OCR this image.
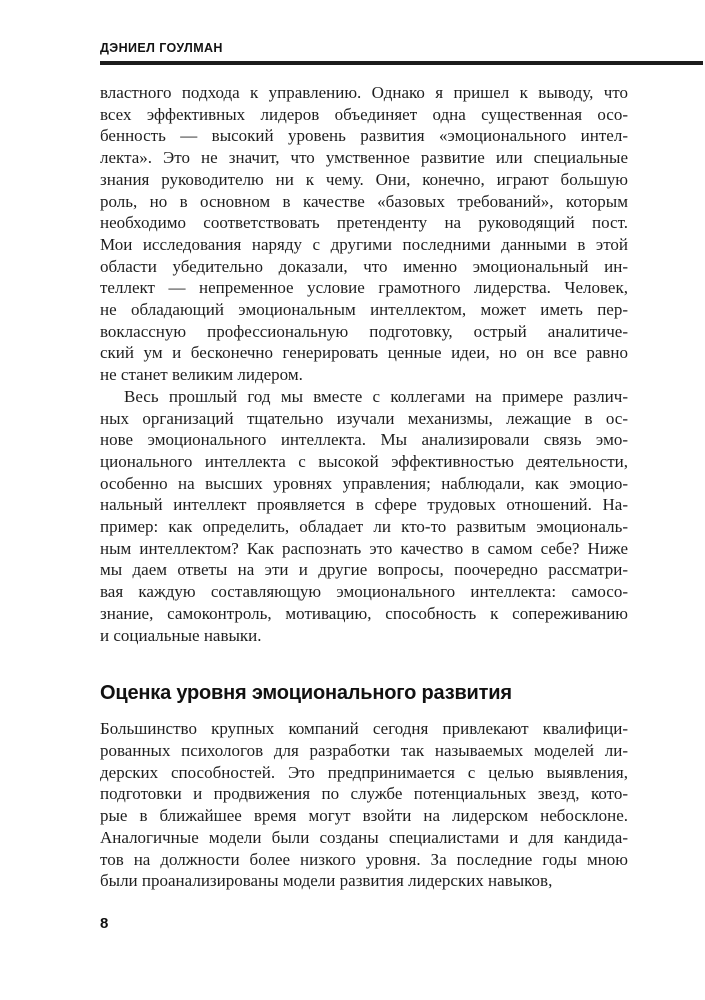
ДЭНИЕЛ ГОУЛМАН
властного подхода к управлению. Однако я пришел к выводу, что
всех эффективных лидеров объединяет одна существенная осо-
бенность — высокий уровень развития «эмоционального интел-
лекта». Это не значит, что умственное развитие или специальные
знания руководителю ни к чему. Они, конечно, играют большую
роль, но в основном в качестве «базовых требований», которым
необходимо соответствовать претенденту на руководящий пост.
Мои исследования наряду с другими последними данными в этой
области убедительно доказали, что именно эмоциональный ин-
теллект — непременное условие грамотного лидерства. Человек,
не обладающий эмоциональным интеллектом, может иметь пер-
воклассную профессиональную подготовку, острый аналитиче-
ский ум и бесконечно генерировать ценные идеи, но он все равно
не станет великим лидером.
Весь прошлый год мы вместе с коллегами на примере различ-
ных организаций тщательно изучали механизмы, лежащие в ос-
нове эмоционального интеллекта. Мы анализировали связь эмо-
ционального интеллекта с высокой эффективностью деятельности,
особенно на высших уровнях управления; наблюдали, как эмоцио-
нальный интеллект проявляется в сфере трудовых отношений. На-
пример: как определить, обладает ли кто-то развитым эмоциональ-
ным интеллектом? Как распознать это качество в самом себе? Ниже
мы даем ответы на эти и другие вопросы, поочередно рассматри-
вая каждую составляющую эмоционального интеллекта: самосо-
знание, самоконтроль, мотивацию, способность к сопереживанию
и социальные навыки.
Оценка уровня эмоционального развития
Большинство крупных компаний сегодня привлекают квалифици-
рованных психологов для разработки так называемых моделей ли-
дерских способностей. Это предпринимается с целью выявления,
подготовки и продвижения по службе потенциальных звезд, кото-
рые в ближайшее время могут взойти на лидерском небосклоне.
Аналогичные модели были созданы специалистами и для кандида-
тов на должности более низкого уровня. За последние годы мною
были проанализированы модели развития лидерских навыков,
8
